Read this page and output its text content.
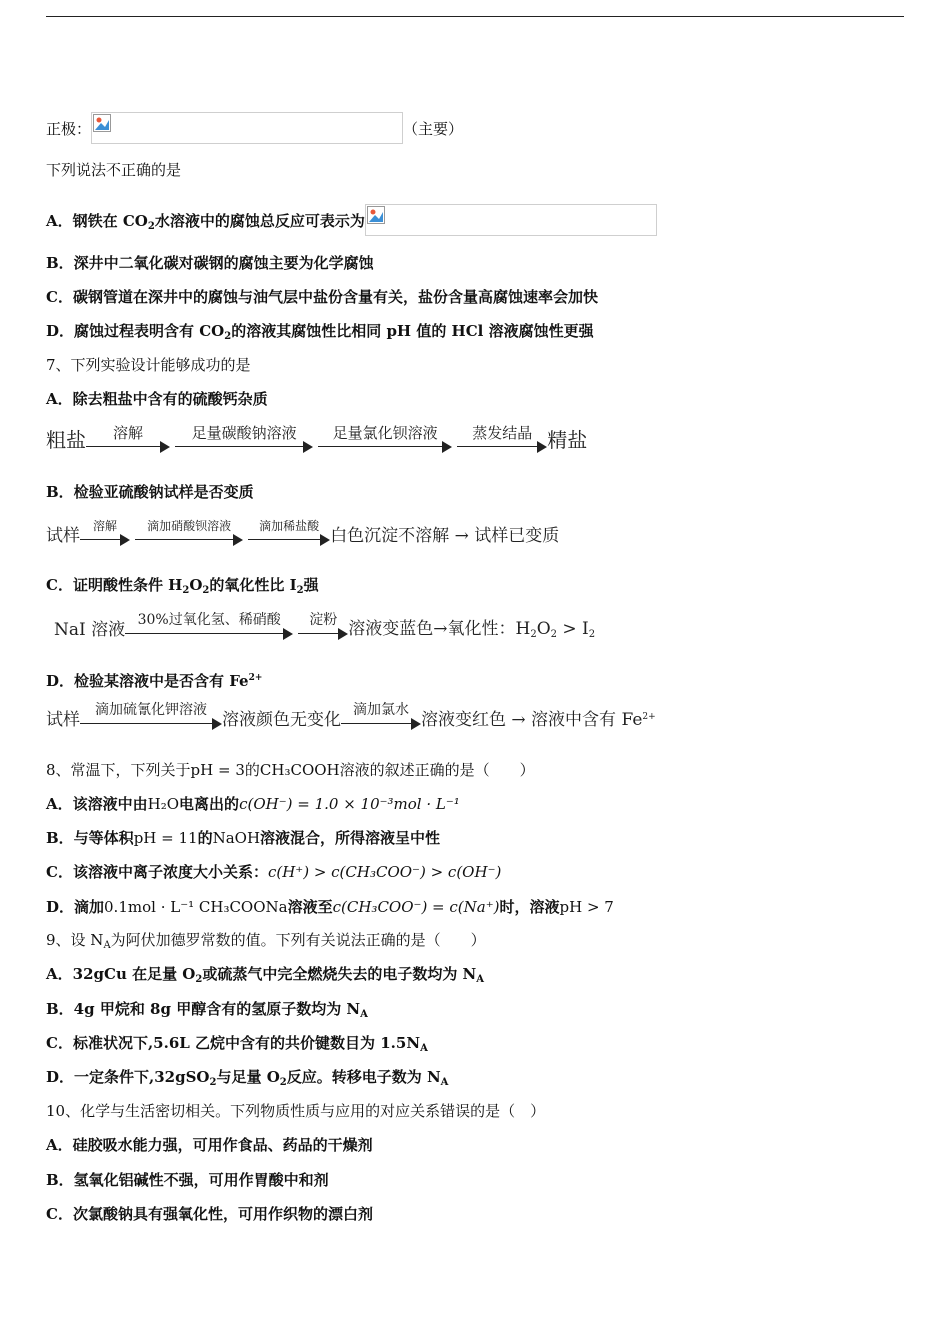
正极：	（主要）
下列说法不正确的是
A．钢铁在 $CO_2$水溶液中的腐蚀总反应可表示为
B．深井中二氧化碳对碳钢的腐蚀主要为化学腐蚀
C．碳钢管道在深井中的腐蚀与油气层中盐份含量有关，盐份含量高腐蚀速率会加快
D．腐蚀过程表明含有 $CO_2$的溶液其腐蚀性比相同 pH 值的 HCl 溶液腐蚀性更强
7、下列实验设计能够成功的是
A．除去粗盐中含有的硫酸钙杂质
粗盐	溶解
	足量碳酸钠溶液
	足量氯化钡溶液
	蒸发结晶 精盐
B．检验亚硫酸钠试样是否变质
试样	溶解
	滴加硝酸钡溶液
	滴加稀盐酸 白色沉淀不溶解 → 试样已变质
C．证明酸性条件 $H_2O_2$的氧化性比 $I_2$强
NaI 溶液 30%过氧化氢、稀硝酸
	淀粉 溶液变蓝色→氧化性：$H_2O_2 > I_2$
D．检验某溶液中是否含有 $Fe^{2+}$
试样	滴加硫氰化钾溶液 溶液颜色无变化 滴加氯水 溶液变红色 → 溶液中含有 $Fe^{2+}$
8、常温下，下列关于pH = 3的CH₃COOH溶液的叙述正确的是（　　）
A．该溶液中由H₂O电离出的c(OH⁻) = 1.0 × 10⁻³mol · L⁻¹
B．与等体积pH = 11的NaOH溶液混合，所得溶液呈中性
C．该溶液中离子浓度大小关系：c(H⁺) > c(CH₃COO⁻) > c(OH⁻)
D．滴加0.1mol · L⁻¹ CH₃COONa溶液至c(CH₃COO⁻) = c(Na⁺)时，溶液pH > 7
9、设 $N_A$为阿伏加德罗常数的值。下列有关说法正确的是（　　）
A．32gCu 在足量 $O_2$或硫蒸气中完全燃烧失去的电子数均为 $N_A$
B．4g 甲烷和 8g 甲醇含有的氢原子数均为 $N_A$
C．标准状况下,5.6L 乙烷中含有的共价键数目为 $1.5N_A$
D．一定条件下,32gSO$_2$与足量 $O_2$反应。转移电子数为 $N_A$
10、化学与生活密切相关。下列物质性质与应用的对应关系错误的是（　）
A．硅胶吸水能力强，可用作食品、药品的干燥剂
B．氢氧化铝碱性不强，可用作胃酸中和剂
C．次氯酸钠具有强氧化性，可用作织物的漂白剂
